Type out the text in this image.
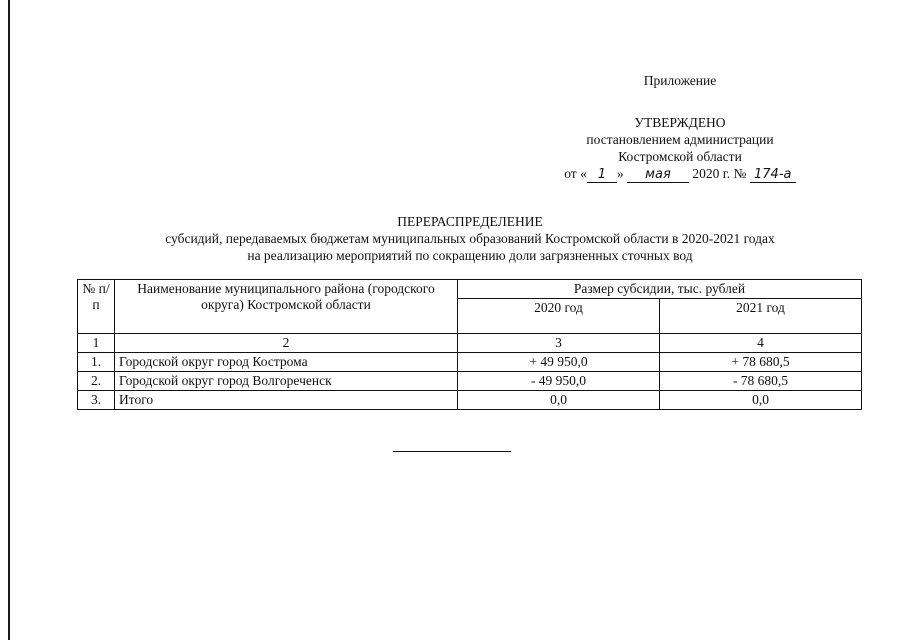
Приложение
УТВЕРЖДЕНО
постановлением администрации
Костромской области
от « 1 » мая 2020 г. № 174-а
ПЕРЕРАСПРЕДЕЛЕНИЕ
субсидий, передаваемых бюджетам муниципальных образований Костромской области в 2020-2021 годах
на реализацию мероприятий по сокращению доли загрязненных сточных вод
№ п/п	Наименование муниципального района (городского округа) Костромской области	Размер субсидии, тыс. рублей	
		2020 год	2021 год
1	2	3	4
1.	Городской округ город Кострома	+ 49 950,0	+ 78 680,5
2.	Городской округ город Волгореченск	- 49 950,0	- 78 680,5
3.	Итого	0,0	0,0
